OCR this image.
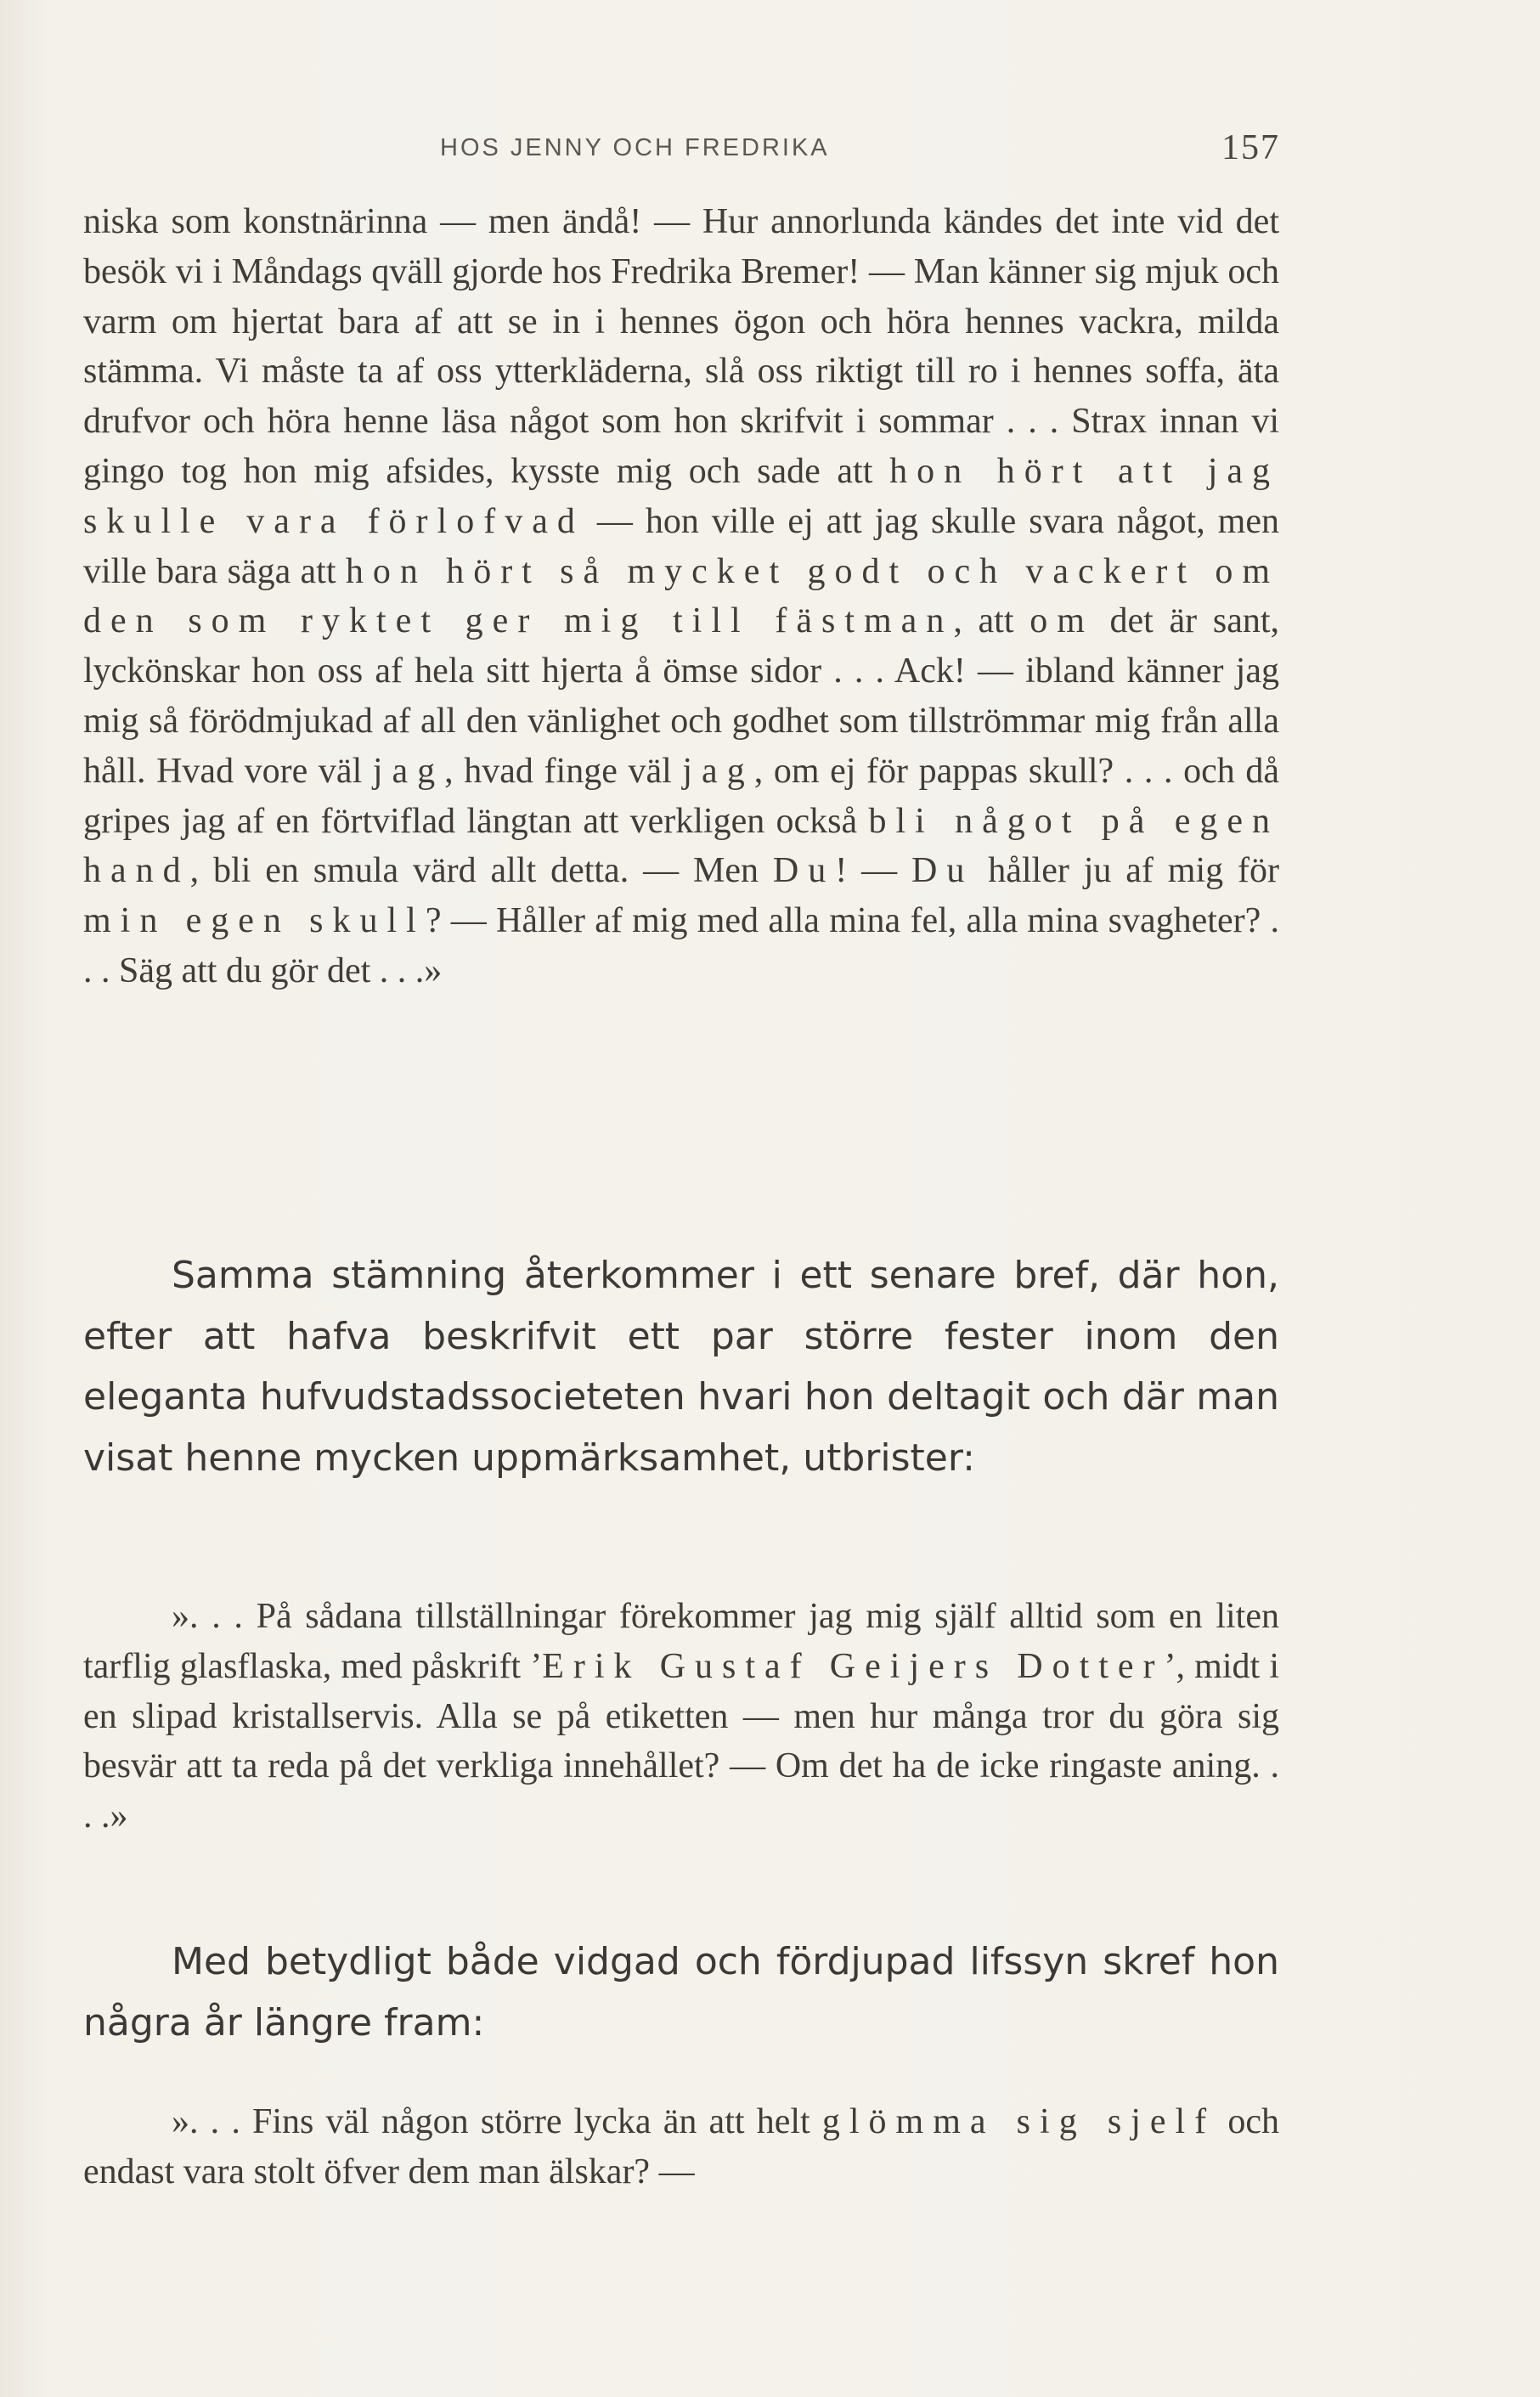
HOS JENNY OCH FREDRIKA	157

niska som konstnärinna — men ändå! — Hur annorlunda kändes det inte vid det besök vi i Måndags qväll gjorde hos Fredrika Bremer! — Man känner sig mjuk och varm om hjertat bara af att se in i hennes ögon och höra hennes vackra, milda stämma. Vi måste ta af oss ytterkläderna, slå oss riktigt till ro i hennes soffa, äta drufvor och höra henne läsa något som hon skrifvit i sommar . . . Strax innan vi gingo tog hon mig afsides, kysste mig och sade att hon hört att jag skulle vara förlofvad — hon ville ej att jag skulle svara något, men ville bara säga att hon hört så mycket godt och vackert om den som ryktet ger mig till fästman, att om det är sant, lyckönskar hon oss af hela sitt hjerta å ömse sidor . . . Ack! — ibland känner jag mig så förödmjukad af all den vänlighet och godhet som tillströmmar mig från alla håll. Hvad vore väl jag, hvad finge väl jag, om ej för pappas skull? . . . och då gripes jag af en förtviflad längtan att verkligen också bli något på egen hand, bli en smula värd allt detta. — Men Du! — Du håller ju af mig för min egen skull? — Håller af mig med alla mina fel, alla mina svagheter? . . . Säg att du gör det . . .»

Samma stämning återkommer i ett senare bref, där hon, efter att hafva beskrifvit ett par större fester inom den eleganta hufvudstadssocieteten hvari hon deltagit och där man visat henne mycken uppmärksamhet, utbrister:

». . . På sådana tillställningar förekommer jag mig själf alltid som en liten tarflig glasflaska, med påskrift ’Erik Gustaf Geijers Dotter’, midt i en slipad kristallservis. Alla se på etiketten — men hur många tror du göra sig besvär att ta reda på det verkliga innehållet? — Om det ha de icke ringaste aning. . . .»

Med betydligt både vidgad och fördjupad lifssyn skref hon några år längre fram:

». . . Fins väl någon större lycka än att helt glömma sig sjelf och endast vara stolt öfver dem man älskar? —
